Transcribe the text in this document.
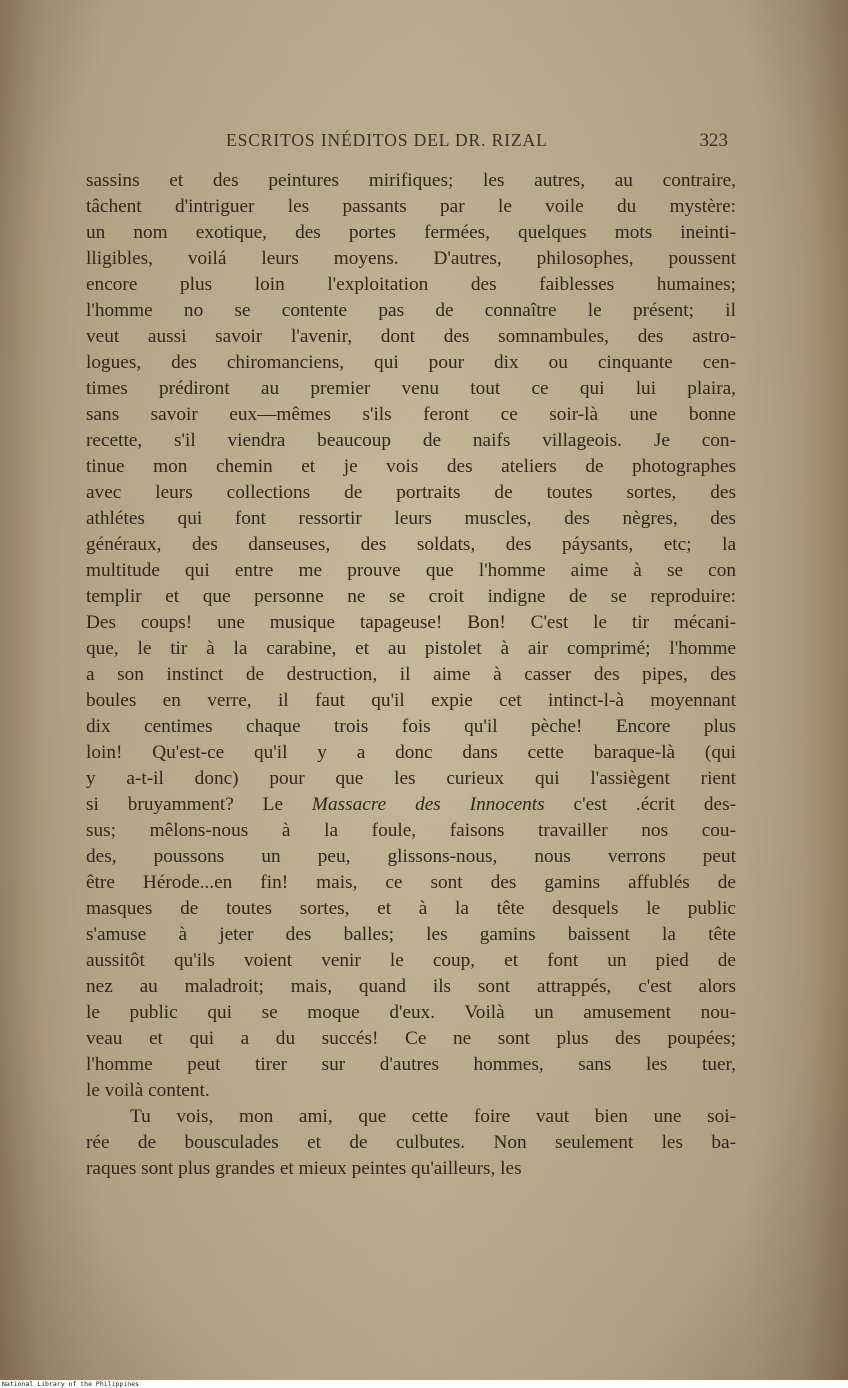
ESCRITOS INÉDITOS DEL DR. RIZAL	323
sassins et des peintures mirifiques; les autres, au contraire,
tâchent d'intriguer les passants par le voile du mystère:
un nom exotique, des portes fermées, quelques mots ineinti-
lligibles, voilá leurs moyens. D'autres, philosophes, poussent
encore plus loin l'exploitation des faiblesses humaines;
l'homme no se contente pas de connaître le présent; il
veut aussi savoir l'avenir, dont des somnambules, des astro-
logues, des chiromanciens, qui pour dix ou cinquante cen-
times prédiront au premier venu tout ce qui lui plaira,
sans savoir eux—mêmes s'ils feront ce soir-là une bonne
recette, s'il viendra beaucoup de naifs villageois. Je con-
tinue mon chemin et je vois des ateliers de photographes
avec leurs collections de portraits de toutes sortes, des
athlétes qui font ressortir leurs muscles, des nègres, des
généraux, des danseuses, des soldats, des páysants, etc; la
multitude qui entre me prouve que l'homme aime à se con
templir et que personne ne se croit indigne de se reproduire:
Des coups! une musique tapageuse! Bon! C'est le tir mécani-
que, le tir à la carabine, et au pistolet à air comprimé; l'homme
a son instinct de destruction, il aime à casser des pipes, des
boules en verre, il faut qu'il expie cet intinct-l-à moyennant
dix centimes chaque trois fois qu'il pèche! Encore plus
loin! Qu'est-ce qu'il y a donc dans cette baraque-là (qui
y a-t-il donc) pour que les curieux qui l'assiègent rient
si bruyamment? Le Massacre des Innocents c'est .écrit des-
sus; mêlons-nous à la foule, faisons travailler nos cou-
des, poussons un peu, glissons-nous, nous verrons peut
être Hérode...en fin! mais, ce sont des gamins affublés de
masques de toutes sortes, et à la tête desquels le public
s'amuse à jeter des balles; les gamins baissent la tête
aussitôt qu'ils voient venir le coup, et font un pied de
nez au maladroit; mais, quand ils sont attrappés, c'est alors
le public qui se moque d'eux. Voilà un amusement nou-
veau et qui a du succés! Ce ne sont plus des poupées;
l'homme peut tirer sur d'autres hommes, sans les tuer,
le voilà content.
Tu vois, mon ami, que cette foire vaut bien une soi-
rée de bousculades et de culbutes. Non seulement les ba-
raques sont plus grandes et mieux peintes qu'ailleurs, les
National Library of the Philippines
